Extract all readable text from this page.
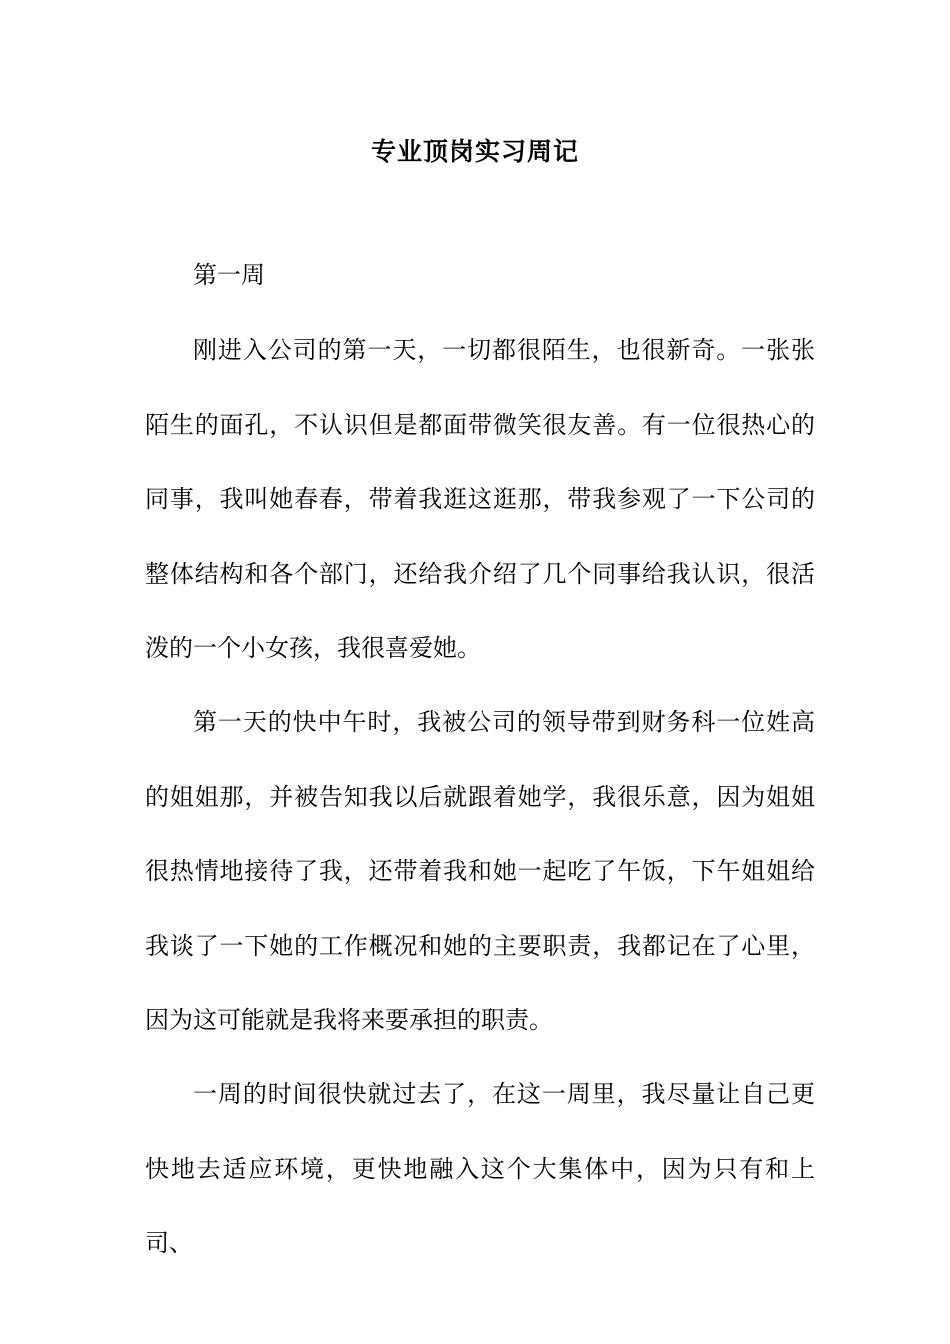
专业顶岗实习周记
第一周

刚进入公司的第一天，一切都很陌生，也很新奇。一张张陌生的面孔，不认识但是都面带微笑很友善。有一位很热心的同事，我叫她春春，带着我逛这逛那，带我参观了一下公司的整体结构和各个部门，还给我介绍了几个同事给我认识，很活泼的一个小女孩，我很喜爱她。

第一天的快中午时，我被公司的领导带到财务科一位姓高的姐姐那，并被告知我以后就跟着她学，我很乐意，因为姐姐很热情地接待了我，还带着我和她一起吃了午饭，下午姐姐给我谈了一下她的工作概况和她的主要职责，我都记在了心里，因为这可能就是我将来要承担的职责。

一周的时间很快就过去了，在这一周里，我尽量让自己更快地去适应环境，更快地融入这个大集体中，因为只有和上司、
